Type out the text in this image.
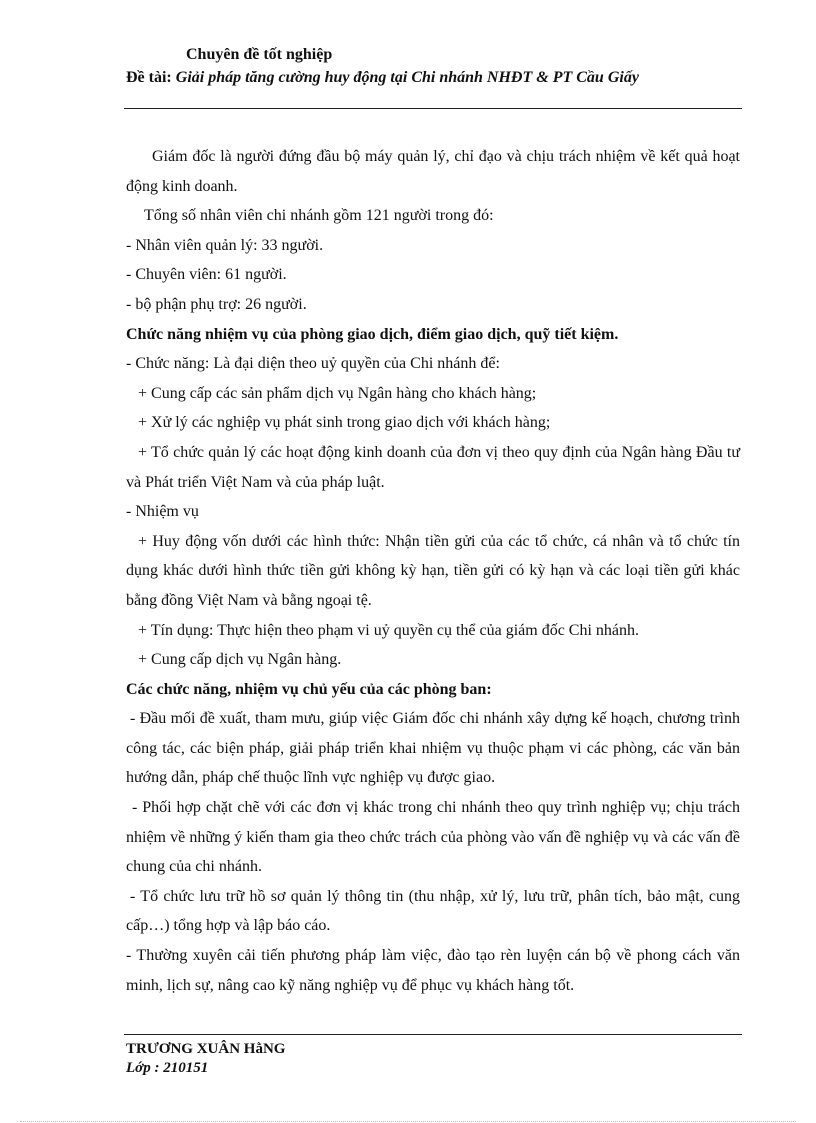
Chuyên đề tốt nghiệp
Đề tài: Giải pháp tăng cường huy động tại Chi nhánh NHĐT & PT Cầu Giấy

Giám đốc là người đứng đầu bộ máy quản lý, chỉ đạo và chịu trách nhiệm về kết quả hoạt động kinh doanh.

Tổng số nhân viên chi nhánh gồm 121 người trong đó:

- Nhân viên quản lý: 33 người.

- Chuyên viên: 61 người.

- bộ phận phụ trợ: 26 người.

Chức năng nhiệm vụ của phòng giao dịch, điểm giao dịch, quỹ tiết kiệm.

- Chức năng: Là đại diện theo uỷ quyền của Chi nhánh để:

+ Cung cấp các sản phẩm dịch vụ Ngân hàng cho khách hàng;

+ Xử lý các nghiệp vụ phát sinh trong giao dịch với khách hàng;

+ Tổ chức quản lý các hoạt động kinh doanh của đơn vị theo quy định của Ngân hàng Đầu tư và Phát triển Việt Nam và của pháp luật.

- Nhiệm vụ

+ Huy động vốn dưới các hình thức: Nhận tiền gửi của các tổ chức, cá nhân và tổ chức tín dụng khác dưới hình thức tiền gửi không kỳ hạn, tiền gửi có kỳ hạn và các loại tiền gửi khác bằng đồng Việt Nam và bằng ngoại tệ.

+ Tín dụng: Thực hiện theo phạm vi uỷ quyền cụ thể của giám đốc Chi nhánh.

+ Cung cấp dịch vụ Ngân hàng.

Các chức năng, nhiệm vụ chủ yếu của các phòng ban:

- Đầu mối đề xuất, tham mưu, giúp việc Giám đốc chi nhánh xây dựng kế hoạch, chương trình công tác, các biện pháp, giải pháp triển khai nhiệm vụ thuộc phạm vi các phòng, các văn bản hướng dẫn, pháp chế thuộc lĩnh vực nghiệp vụ được giao.

- Phối hợp chặt chẽ với các đơn vị khác trong chi nhánh theo quy trình nghiệp vụ; chịu trách nhiệm về những ý kiến tham gia theo chức trách của phòng vào vấn đề nghiệp vụ và các vấn đề chung của chi nhánh.

- Tổ chức lưu trữ hồ sơ quản lý thông tin (thu nhập, xử lý, lưu trữ, phân tích, bảo mật, cung cấp…) tổng hợp và lập báo cáo.

- Thường xuyên cải tiến phương pháp làm việc, đào tạo rèn luyện cán bộ về phong cách văn minh, lịch sự, nâng cao kỹ năng nghiệp vụ để phục vụ khách hàng tốt.

TRƯƠNG XUÂN HằNG
Lớp : 210151
